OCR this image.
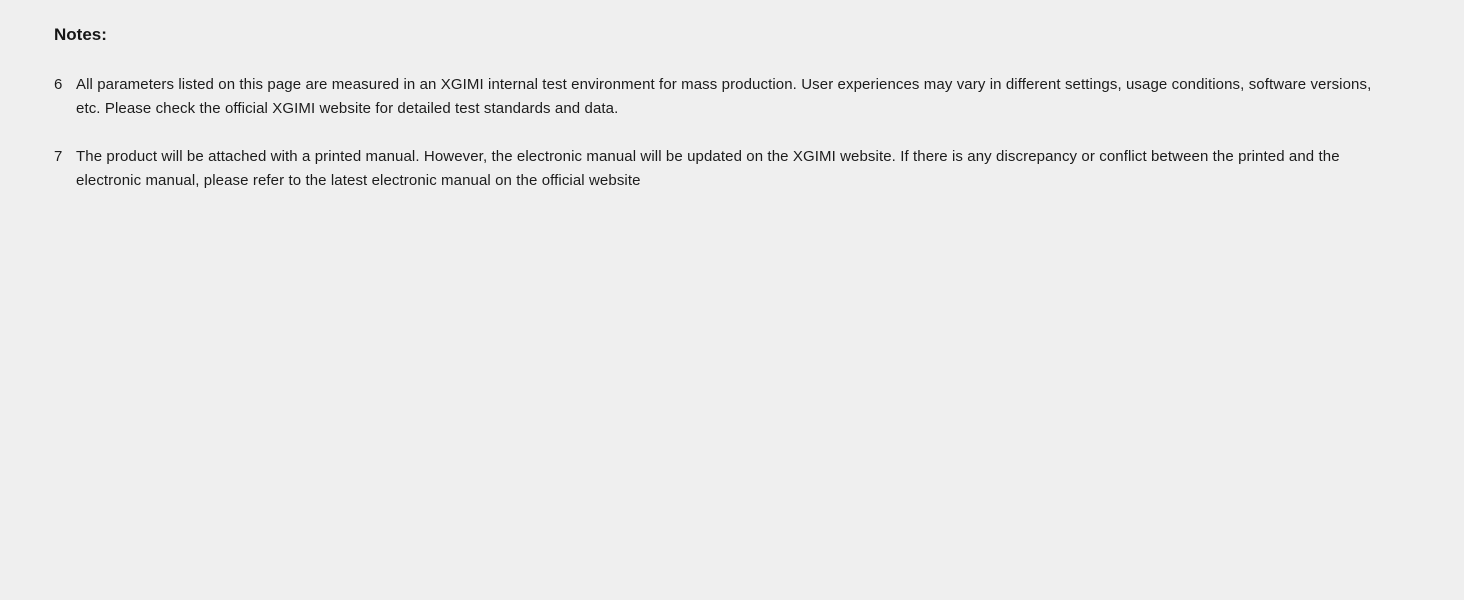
Notes:
6 All parameters listed on this page are measured in an XGIMI internal test environment for mass production. User experiences may vary in different settings, usage conditions, software versions, etc. Please check the official XGIMI website for detailed test standards and data.
7 The product will be attached with a printed manual. However, the electronic manual will be updated on the XGIMI website. If there is any discrepancy or conflict between the printed and the electronic manual, please refer to the latest electronic manual on the official website
